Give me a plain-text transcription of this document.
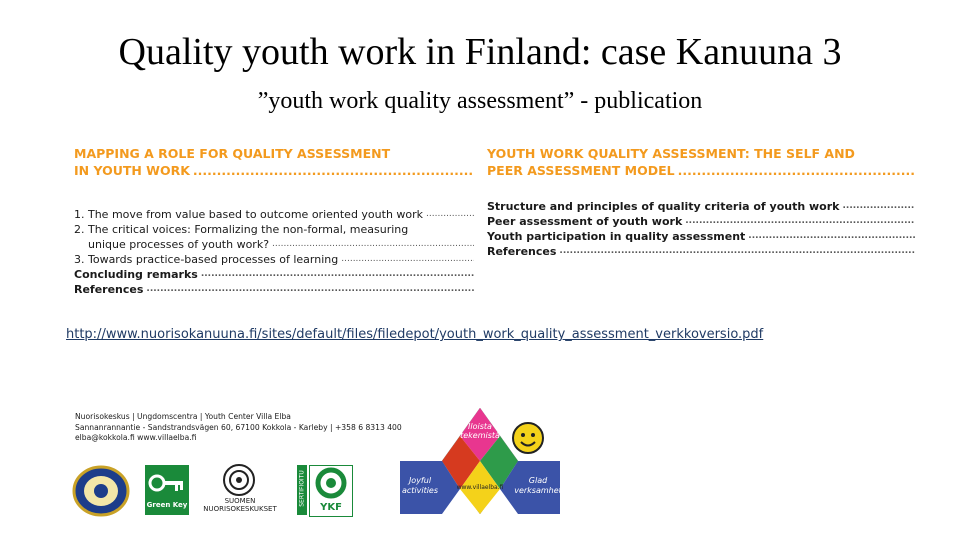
Quality youth work in Finland: case Kanuuna 3
”youth work quality assessment” - publication
MAPPING A ROLE FOR QUALITY ASSESSMENT
IN YOUTH WORK
.....
1. The move from value based to outcome oriented youth work
.....
2. The critical voices: Formalizing the non-formal, measuring
unique processes of youth work?
.....
3. Towards practice-based processes of learning
.....
Concluding remarks
.....
References
.....
YOUTH WORK QUALITY ASSESSMENT: THE SELF AND
PEER ASSESSMENT MODEL
.....
Structure and principles of quality criteria of youth work
.....
Peer assessment of youth work
.....
Youth participation in quality assessment
.....
References
.....
http://www.nuorisokanuuna.fi/sites/default/files/filedepot/youth_work_quality_assessment_verkkoversio.pdf
Nuorisokeskus | Ungdomscentra | Youth Center Villa Elba
Sannanrannantie - Sandstrandsvägen 60, 67100 Kokkola - Karleby | +358 6 8313 400
elba@kokkola.fi www.villaelba.fi
Green Key	SUOMEN
NUORISOKESKUKSET
SERTIFIOITU
YKF
Iloista
tekemistä
Joyful
activities
Glad
verksamhet
www.villaelba.fi
